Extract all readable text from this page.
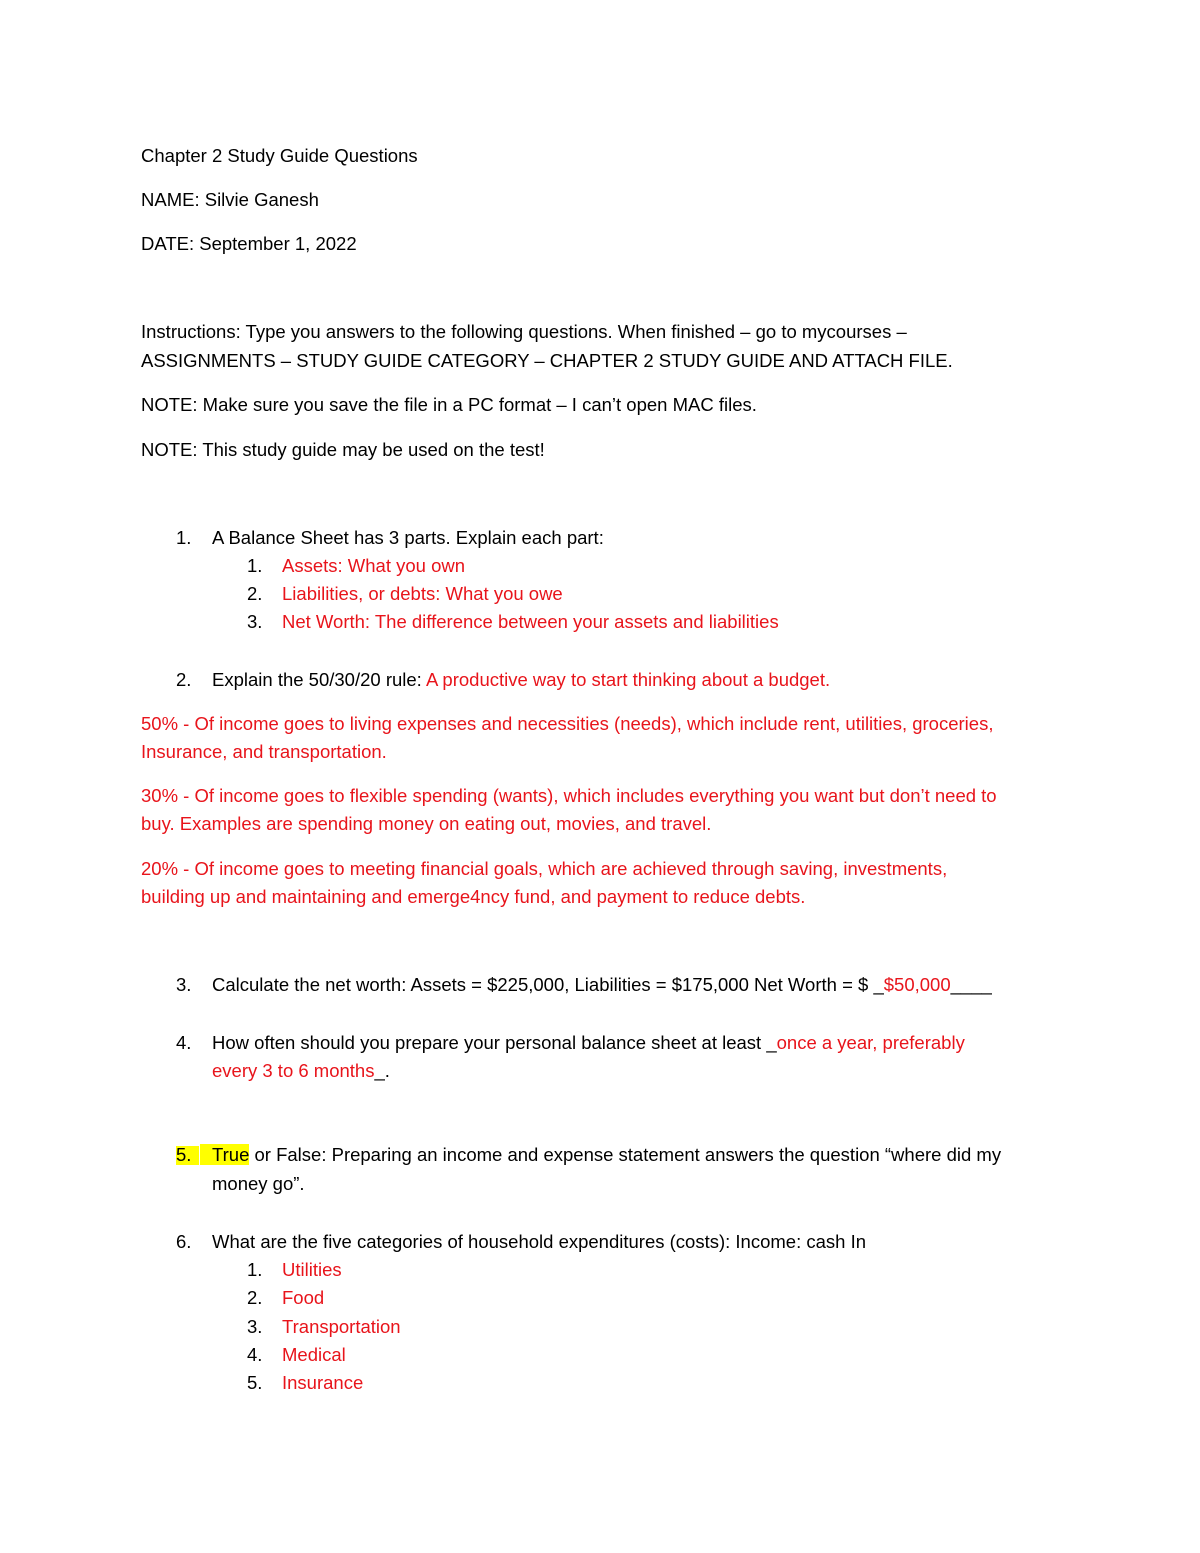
Chapter 2 Study Guide Questions
NAME: Silvie Ganesh
DATE: September 1, 2022
Instructions: Type you answers to the following questions. When finished – go to mycourses –
ASSIGNMENTS – STUDY GUIDE CATEGORY – CHAPTER 2 STUDY GUIDE AND ATTACH FILE.
NOTE: Make sure you save the file in a PC format – I can’t open MAC files.
NOTE: This study guide may be used on the test!
1. A Balance Sheet has 3 parts. Explain each part:
1. Assets: What you own
2. Liabilities, or debts: What you owe
3. Net Worth: The difference between your assets and liabilities
2. Explain the 50/30/20 rule: A productive way to start thinking about a budget.
50% - Of income goes to living expenses and necessities (needs), which include rent, utilities, groceries,
Insurance, and transportation.
30% - Of income goes to flexible spending (wants), which includes everything you want but don’t need to
buy. Examples are spending money on eating out, movies, and travel.
20% - Of income goes to meeting financial goals, which are achieved through saving, investments,
building up and maintaining and emerge4ncy fund, and payment to reduce debts.
3. Calculate the net worth: Assets = $225,000, Liabilities = $175,000 Net Worth = $ _$50,000____
4. How often should you prepare your personal balance sheet at least _once a year, preferably
every 3 to 6 months_.
5.	True or False: Preparing an income and expense statement answers the question “where did my
money go”.
6. What are the five categories of household expenditures (costs): Income: cash In
1. Utilities
2. Food
3. Transportation
4. Medical
5. Insurance
